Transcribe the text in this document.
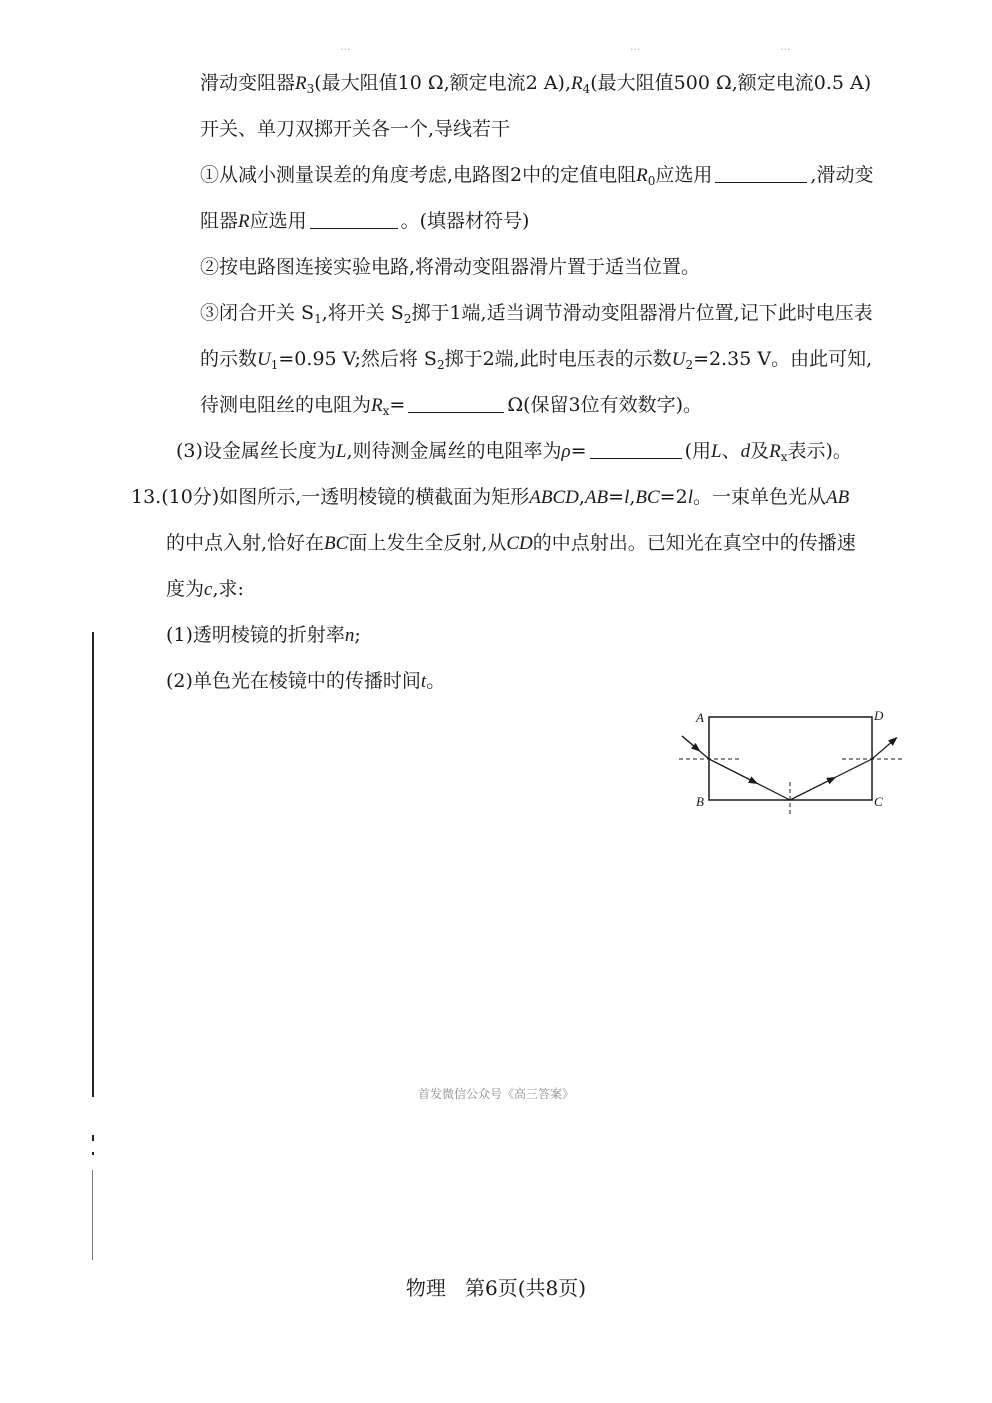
...	...	...
滑动变阻器$R_3$(最大阻值10 Ω,额定电流2 $A),R_4$(最大阻值500 Ω,额定电流0.5 A)
开关、单刀双掷开关各一个,导线若干
①从减小测量误差的角度考虑,电路图2中的定值电阻$R_0$应选用	,滑动变
阻器R应选用	。(填器材符号)
②按电路图连接实验电路,将滑动变阻器滑片置于适当位置。
③闭合开关 $S_1$,将开关 $S_2$掷于1端,适当调节滑动变阻器滑片位置,记下此时电压表
的示数$U_1=0.95$ V;然后将 $S_2$掷于2端,此时电压表的示数$U_2=2.35$ V。由此可知,
待测电阻丝的电阻为$R_x=$	Ω(保留3位有效数字)。
(3)设金属丝长度为L,则待测金属丝的电阻率为ρ=	(用L、d及$R_x$表示)。
13.(10分)如图所示,一透明棱镜的横截面为矩形ABCD,AB=l,BC=2l。一束单色光从AB
的中点入射,恰好在BC面上发生全反射,从CD的中点射出。已知光在真空中的传播速
度为c,求:
(1)透明棱镜的折射率n;
(2)单色光在棱镜中的传播时间t。
A
B	C
D
首发微信公众号《高三答案》
物理 第6页(共8页)
